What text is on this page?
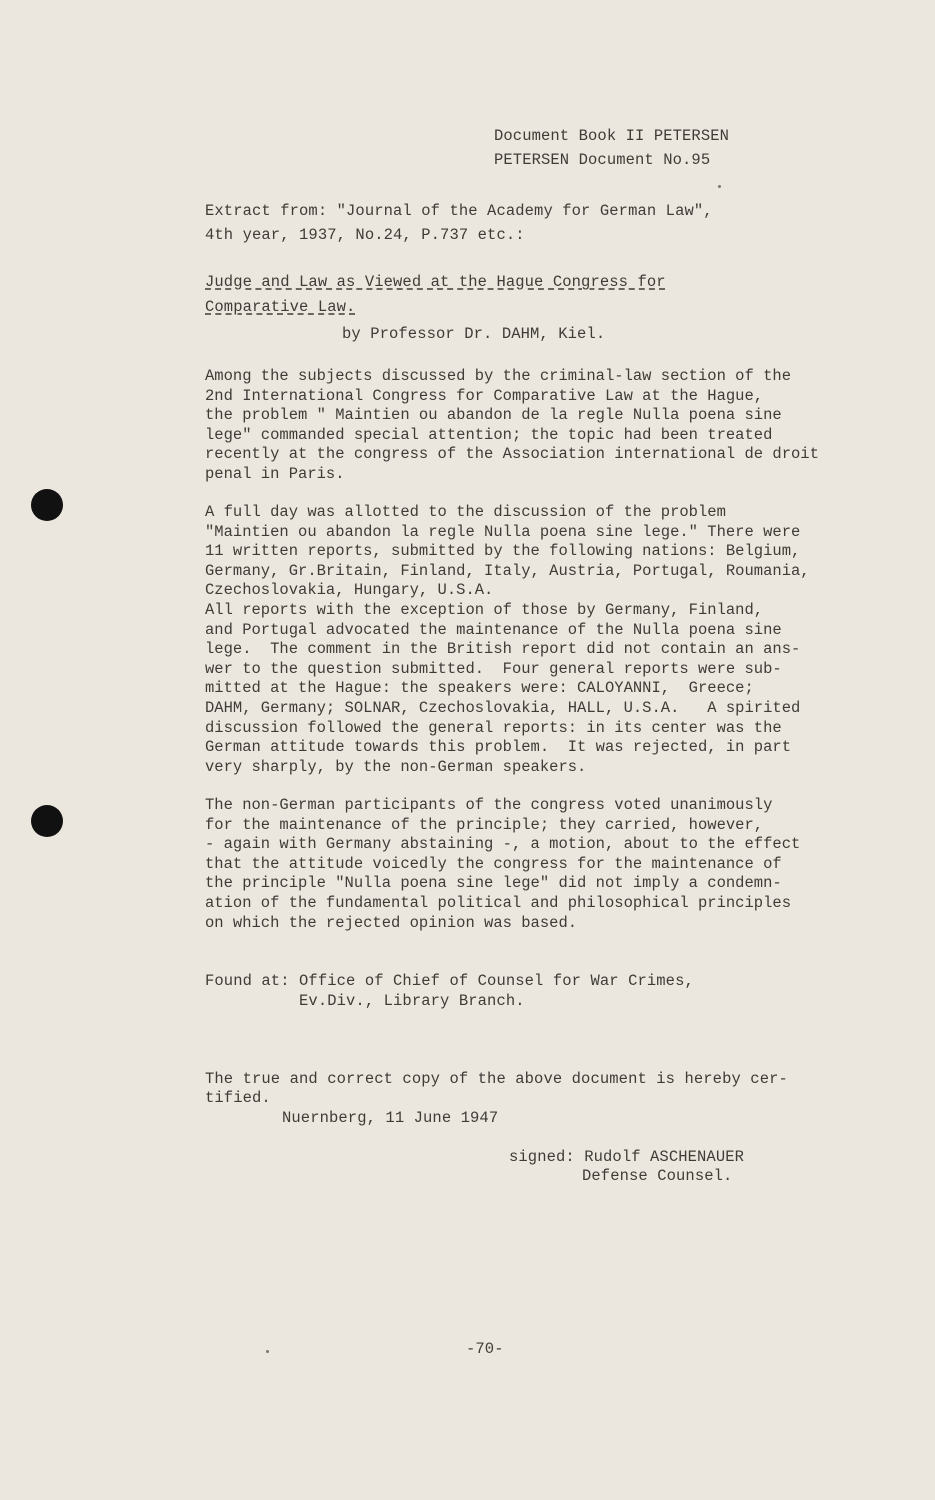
Document Book II PETERSEN

PETERSEN Document No.95

Extract from: "Journal of the Academy for German Law",

4th year, 1937, No.24, P.737 etc.:

Judge and Law as Viewed at the Hague Congress for

Comparative Law.

by Professor Dr. DAHM, Kiel.

Among the subjects discussed by the criminal-law section of the
2nd International Congress for Comparative Law at the Hague,
the problem " Maintien ou abandon de la regle Nulla poena sine
lege" commanded special attention; the topic had been treated
recently at the congress of the Association international de droit
penal in Paris.
A full day was allotted to the discussion of the problem
"Maintien ou abandon la regle Nulla poena sine lege." There were
11 written reports, submitted by the following nations: Belgium,
Germany, Gr.Britain, Finland, Italy, Austria, Portugal, Roumania,
Czechoslovakia, Hungary, U.S.A.
All reports with the exception of those by Germany, Finland,
and Portugal advocated the maintenance of the Nulla poena sine
lege.  The comment in the British report did not contain an ans-
wer to the question submitted.  Four general reports were sub-
mitted at the Hague: the speakers were: CALOYANNI,  Greece;
DAHM, Germany; SOLNAR, Czechoslovakia, HALL, U.S.A.   A spirited
discussion followed the general reports: in its center was the
German attitude towards this problem.  It was rejected, in part
very sharply, by the non-German speakers.
The non-German participants of the congress voted unanimously
for the maintenance of the principle; they carried, however,
- again with Germany abstaining -, a motion, about to the effect
that the attitude voicedly the congress for the maintenance of
the principle "Nulla poena sine lege" did not imply a condemn-
ation of the fundamental political and philosophical principles
on which the rejected opinion was based.

Found at: Office of Chief of Counsel for War Crimes,

Ev.Div., Library Branch.

The true and correct copy of the above document is hereby cer-

tified.

Nuernberg, 11 June 1947

signed: Rudolf ASCHENAUER

Defense Counsel.

-70-
